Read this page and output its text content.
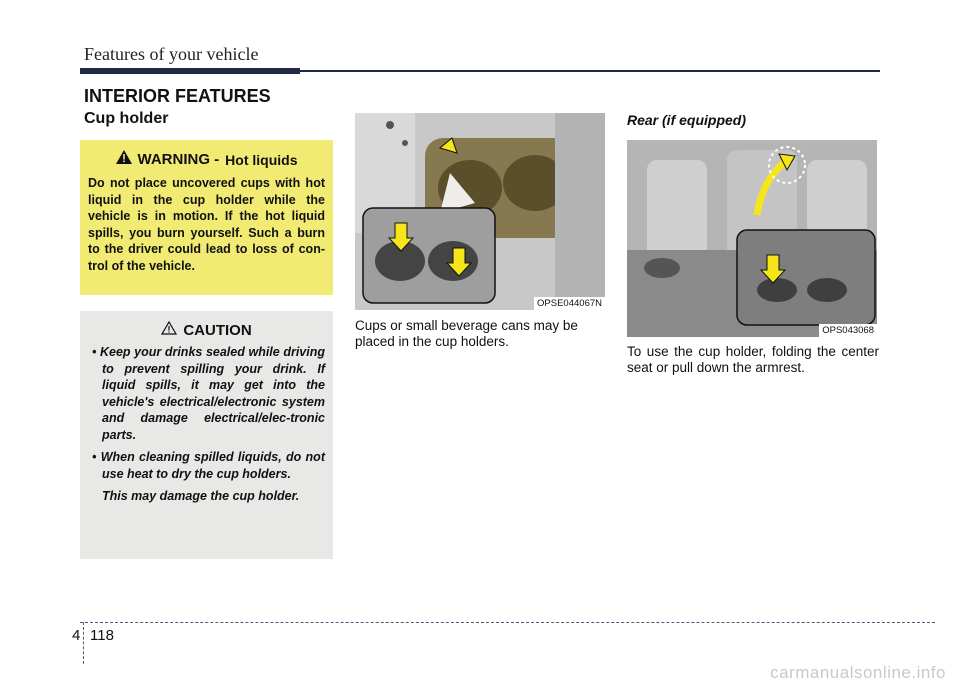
Features of your vehicle
INTERIOR FEATURES
Cup holder
WARNING - Hot liquids
Do not place uncovered cups with hot liquid in the cup holder while the vehicle is in motion. If the hot liquid spills, you burn yourself. Such a burn to the driver could lead to loss of con-trol of the vehicle.
CAUTION
• Keep your drinks sealed while driving to prevent spilling your drink. If liquid spills, it may get into the vehicle's electrical/electronic system and damage electrical/elec-tronic parts.
• When cleaning spilled liquids, do not use heat to dry the cup holders.
This may damage the cup holder.
OPSE044067N
Cups or small beverage cans may be placed in the cup holders.
Rear (if equipped)
OPS043068
To use the cup holder, folding the center seat or pull down the armrest.
4 118
carmanualsonline.info
